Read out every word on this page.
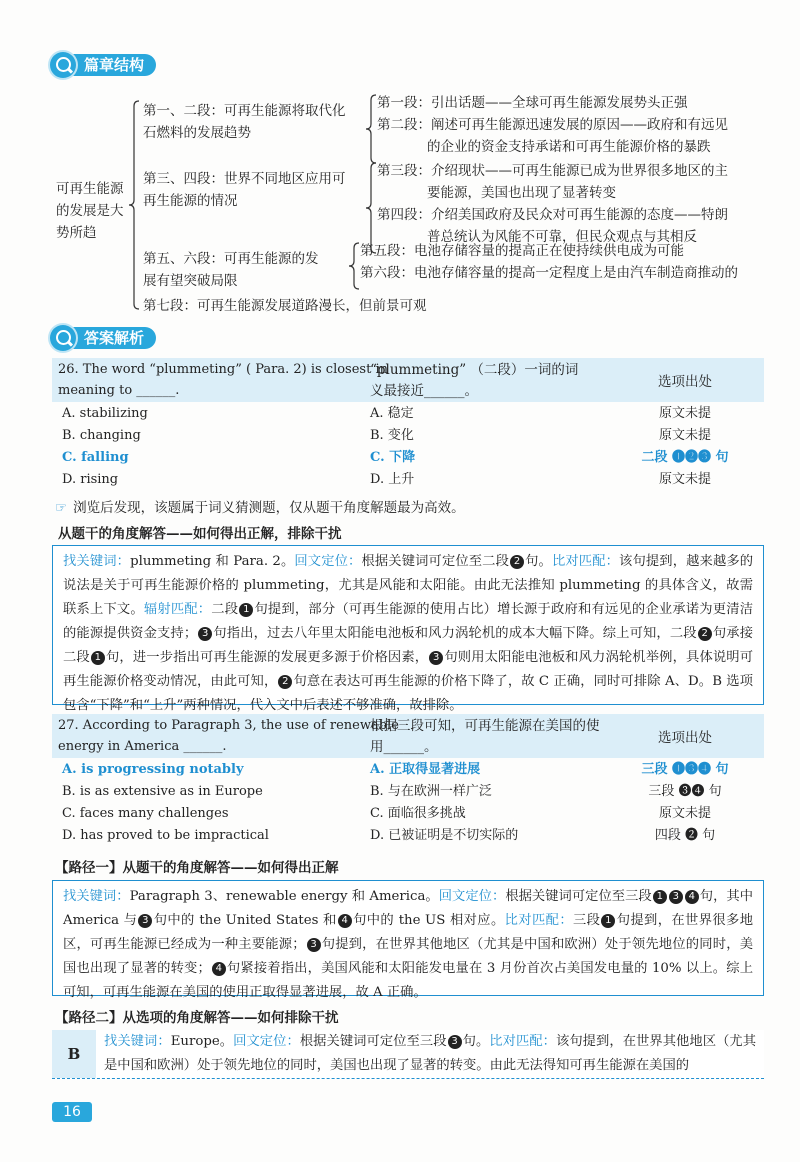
篇章结构
可再生能源
的发展是大
势所趋
第一、二段：可再生能源将取代化
石燃料的发展趋势
第一段：引出话题——全球可再生能源发展势头正强
第二段：阐述可再生能源迅速发展的原因——政府和有远见
的企业的资金支持承诺和可再生能源价格的暴跌
第三、四段：世界不同地区应用可
再生能源的情况
第三段：介绍现状——可再生能源已成为世界很多地区的主
要能源，美国也出现了显著转变
第四段：介绍美国政府及民众对可再生能源的态度——特朗
普总统认为风能不可靠，但民众观点与其相反
第五、六段：可再生能源的发
展有望突破局限
第五段：电池存储容量的提高正在使持续供电成为可能
第六段：电池存储容量的提高一定程度上是由汽车制造商推动的
第七段：可再生能源发展道路漫长，但前景可观
答案解析
26. The word “plummeting” ( Para. 2) is closest in
meaning to ______.
“plummeting” （二段）一词的词
义最接近______。
选项出处
A. stabilizing	A. 稳定	原文未提
B. changing	B. 变化	原文未提
C. falling	C. 下降	二段 ❶❷❸ 句
D. rising	D. 上升	原文未提
☞ 浏览后发现，该题属于词义猜测题，仅从题干角度解题最为高效。
从题干的角度解答——如何得出正解，排除干扰
找关键词：plummeting 和 Para. 2。回文定位：根据关键词可定位至二段 2 句。比对匹配：该句提到，越来越多的说法是关于可再生能源价格的 plummeting，尤其是风能和太阳能。由此无法推知 plummeting 的具体含义，故需联系上下文。辐射匹配：二段 1 句提到，部分（可再生能源的使用占比）增长源于政府和有远见的企业承诺为更清洁的能源提供资金支持； 3 句指出，过去八年里太阳能电池板和风力涡轮机的成本大幅下降。综上可知，二段 2 句承接二段 1 句，进一步指出可再生能源的发展更多源于价格因素， 3 句则用太阳能电池板和风力涡轮机举例，具体说明可再生能源价格变动情况，由此可知， 2 句意在表达可再生能源的价格下降了，故 C 正确，同时可排除 A、D。B 选项包含“下降”和“上升”两种情况，代入文中后表述不够准确，故排除。
27. According to Paragraph 3, the use of renewable
energy in America ______.
根据三段可知，可再生能源在美国的使
用______。
选项出处
A. is progressing notably	A. 正取得显著进展	三段 ❶❸❹ 句
B. is as extensive as in Europe	B. 与在欧洲一样广泛	三段 ❸❹ 句
C. faces many challenges	C. 面临很多挑战	原文未提
D. has proved to be impractical	D. 已被证明是不切实际的	四段 ❷ 句
【路径一】从题干的角度解答——如何得出正解
找关键词：Paragraph 3、renewable energy 和 America。回文定位：根据关键词可定位至三段 1 3 4 句，其中 America 与 3 句中的 the United States 和 4 句中的 the US 相对应。比对匹配：三段 1 句提到，在世界很多地区，可再生能源已经成为一种主要能源； 3 句提到，在世界其他地区（尤其是中国和欧洲）处于领先地位的同时，美国也出现了显著的转变； 4 句紧接着指出，美国风能和太阳能发电量在 3 月份首次占美国发电量的 10% 以上。综上可知，可再生能源在美国的使用正取得显著进展，故 A 正确。
【路径二】从选项的角度解答——如何排除干扰
B
找关键词：Europe。回文定位：根据关键词可定位至三段 3 句。比对匹配：该句提到，在世界其他地区（尤其是中国和欧洲）处于领先地位的同时，美国也出现了显著的转变。由此无法得知可再生能源在美国的
16
